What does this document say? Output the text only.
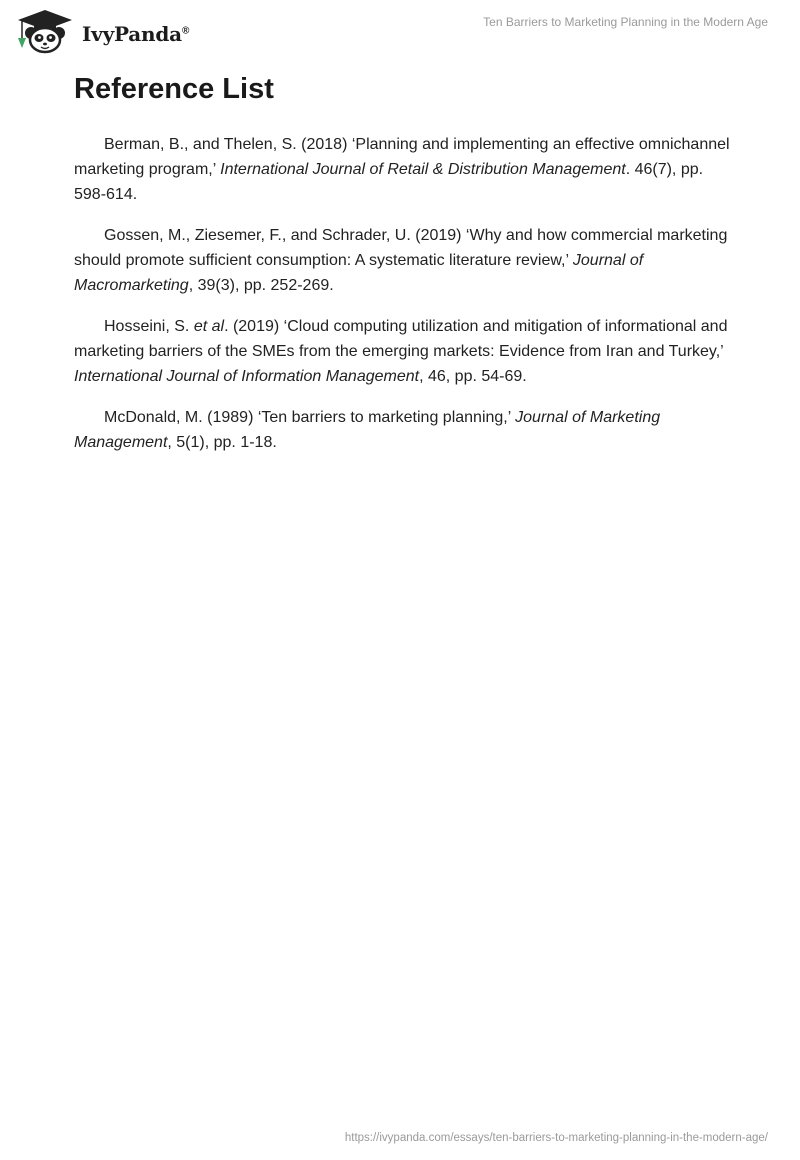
IvyPanda®
Ten Barriers to Marketing Planning in the Modern Age
Reference List

Berman, B., and Thelen, S. (2018) ‘Planning and implementing an effective omnichannel marketing program,’ International Journal of Retail & Distribution Management. 46(7), pp. 598-614.

Gossen, M., Ziesemer, F., and Schrader, U. (2019) ‘Why and how commercial marketing should promote sufficient consumption: A systematic literature review,’ Journal of Macromarketing, 39(3), pp. 252-269.

Hosseini, S. et al. (2019) ‘Cloud computing utilization and mitigation of informational and marketing barriers of the SMEs from the emerging markets: Evidence from Iran and Turkey,’ International Journal of Information Management, 46, pp. 54-69.

McDonald, M. (1989) ‘Ten barriers to marketing planning,’ Journal of Marketing Management, 5(1), pp. 1-18.

https://ivypanda.com/essays/ten-barriers-to-marketing-planning-in-the-modern-age/
